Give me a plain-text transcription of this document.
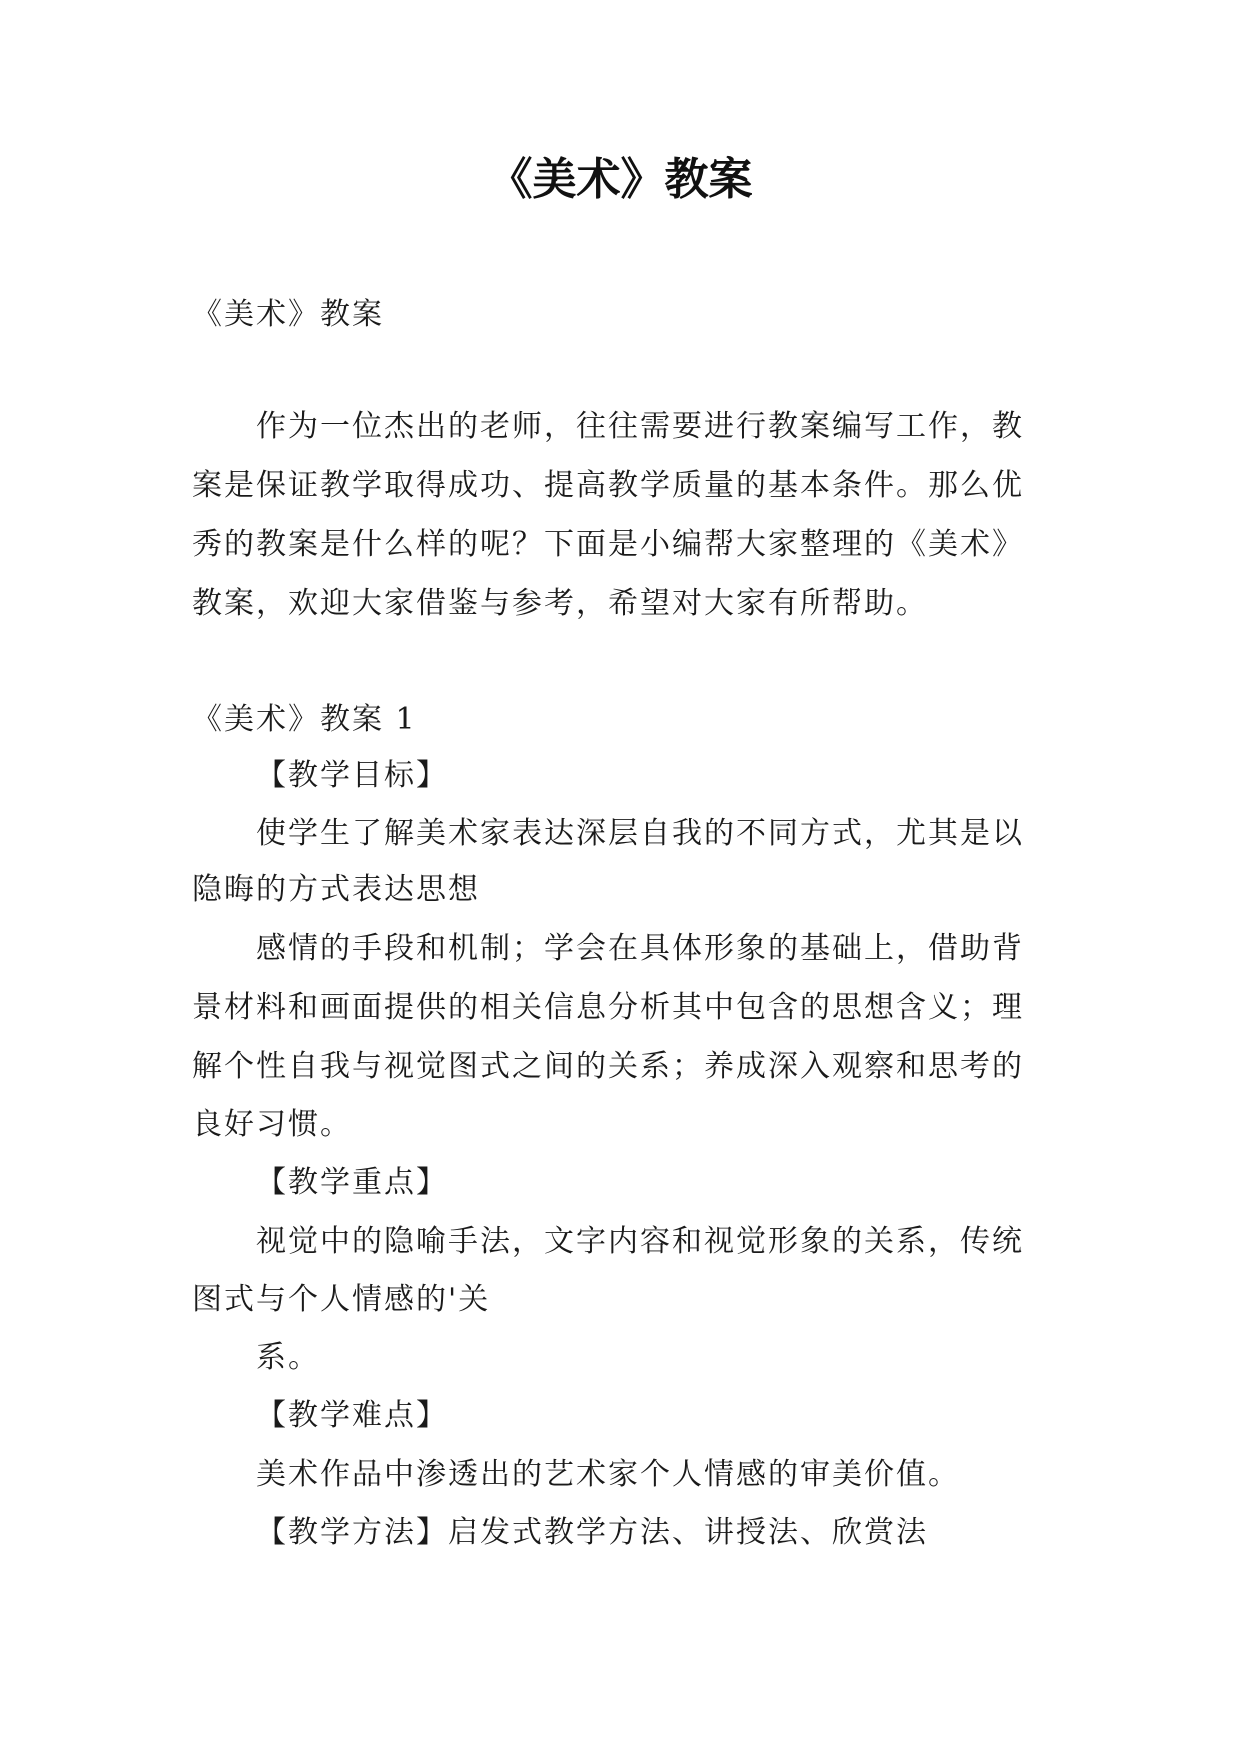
《美术》教案
《美术》教案
作为一位杰出的老师，往往需要进行教案编写工作，教
案是保证教学取得成功、提高教学质量的基本条件。那么优
秀的教案是什么样的呢？下面是小编帮大家整理的《美术》
教案，欢迎大家借鉴与参考，希望对大家有所帮助。
《美术》教案 1
【教学目标】
使学生了解美术家表达深层自我的不同方式，尤其是以
隐晦的方式表达思想
感情的手段和机制；学会在具体形象的基础上，借助背
景材料和画面提供的相关信息分析其中包含的思想含义；理
解个性自我与视觉图式之间的关系；养成深入观察和思考的
良好习惯。
【教学重点】
视觉中的隐喻手法，文字内容和视觉形象的关系，传统
图式与个人情感的'关
系。
【教学难点】
美术作品中渗透出的艺术家个人情感的审美价值。
【教学方法】启发式教学方法、讲授法、欣赏法
